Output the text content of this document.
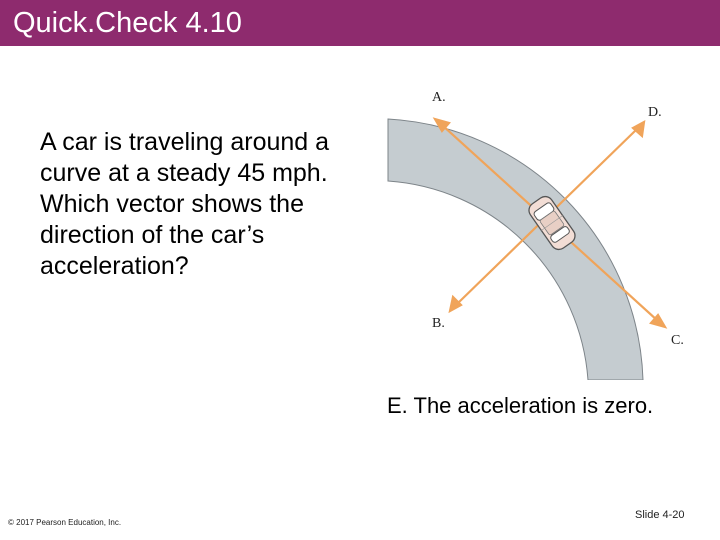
Quick.Check 4.10
A car is traveling around a curve at a steady 45 mph. Which vector shows the direction of the car’s acceleration?
A.
D.
B.
C.
E. The acceleration is zero.
© 2017 Pearson Education, Inc.
Slide 4-20
